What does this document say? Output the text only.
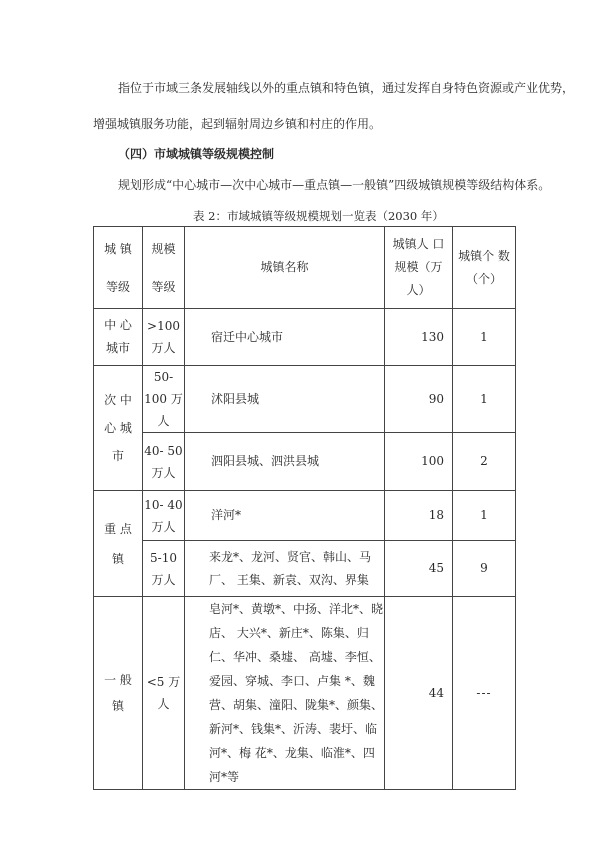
指位于市域三条发展轴线以外的重点镇和特色镇，通过发挥自身特色资源或产业优势，
增强城镇服务功能，起到辐射周边乡镇和村庄的作用。
（四）市域城镇等级规模控制
规划形成“中心城市—次中心城市—重点镇—一般镇”四级城镇规模等级结构体系。
表 2：市域城镇等级规模规划一览表（2030 年）
城 镇等级	规模 等级	城镇名称	城镇人 口规模（万 人）	城镇个 数 （个）
中 心城市	>100 万人	宿迁中心城市	130	1
次 中心 城 市	50- 100 万人	沭阳县城	90	1
	40- 50 万人	泗阳县城、泗洪县城	100	2
重 点镇	10- 40 万人	洋河*	18	1
	5-10 万人	来龙*、龙河、贤官、韩山、马厂、 王集、新袁、双沟、界集	45	9
一 般镇	<5 万人	皂河*、黄墩*、中扬、洋北*、晓店、 大兴*、新庄*、陈集、归仁、华冲、桑墟、 高墟、李恒、爱园、穿城、李口、卢集 *、魏营、胡集、潼阳、陇集*、颜集、 新河*、钱集*、沂涛、裴圩、临河*、梅 花*、龙集、临淮*、四河*等	44	---
